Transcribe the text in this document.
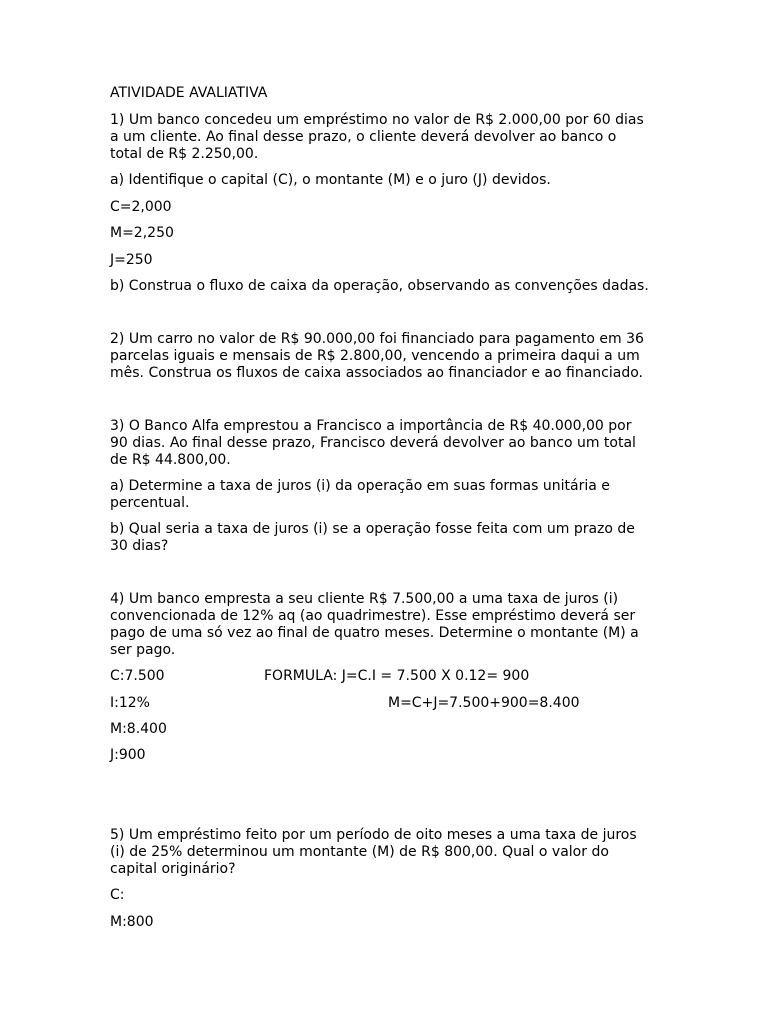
ATIVIDADE AVALIATIVA
1) Um banco concedeu um empréstimo no valor de R$ 2.000,00 por 60 dias
a um cliente. Ao final desse prazo, o cliente deverá devolver ao banco o
total de R$ 2.250,00.
a) Identifique o capital (C), o montante (M) e o juro (J) devidos.
C=2,000
M=2,250
J=250
b) Construa o fluxo de caixa da operação, observando as convenções dadas.
2) Um carro no valor de R$ 90.000,00 foi financiado para pagamento em 36
parcelas iguais e mensais de R$ 2.800,00, vencendo a primeira daqui a um
mês. Construa os fluxos de caixa associados ao financiador e ao financiado.
3) O Banco Alfa emprestou a Francisco a importância de R$ 40.000,00 por
90 dias. Ao final desse prazo, Francisco deverá devolver ao banco um total
de R$ 44.800,00.
a) Determine a taxa de juros (i) da operação em suas formas unitária e
percentual.
b) Qual seria a taxa de juros (i) se a operação fosse feita com um prazo de
30 dias?
4) Um banco empresta a seu cliente R$ 7.500,00 a uma taxa de juros (i)
convencionada de 12% aq (ao quadrimestre). Esse empréstimo deverá ser
pago de uma só vez ao final de quatro meses. Determine o montante (M) a
ser pago.
C:7.500	FORMULA: J=C.I = 7.500 X 0.12= 900
I:12%	M=C+J=7.500+900=8.400
M:8.400
J:900
5) Um empréstimo feito por um período de oito meses a uma taxa de juros
(i) de 25% determinou um montante (M) de R$ 800,00. Qual o valor do
capital originário?
C:
M:800
